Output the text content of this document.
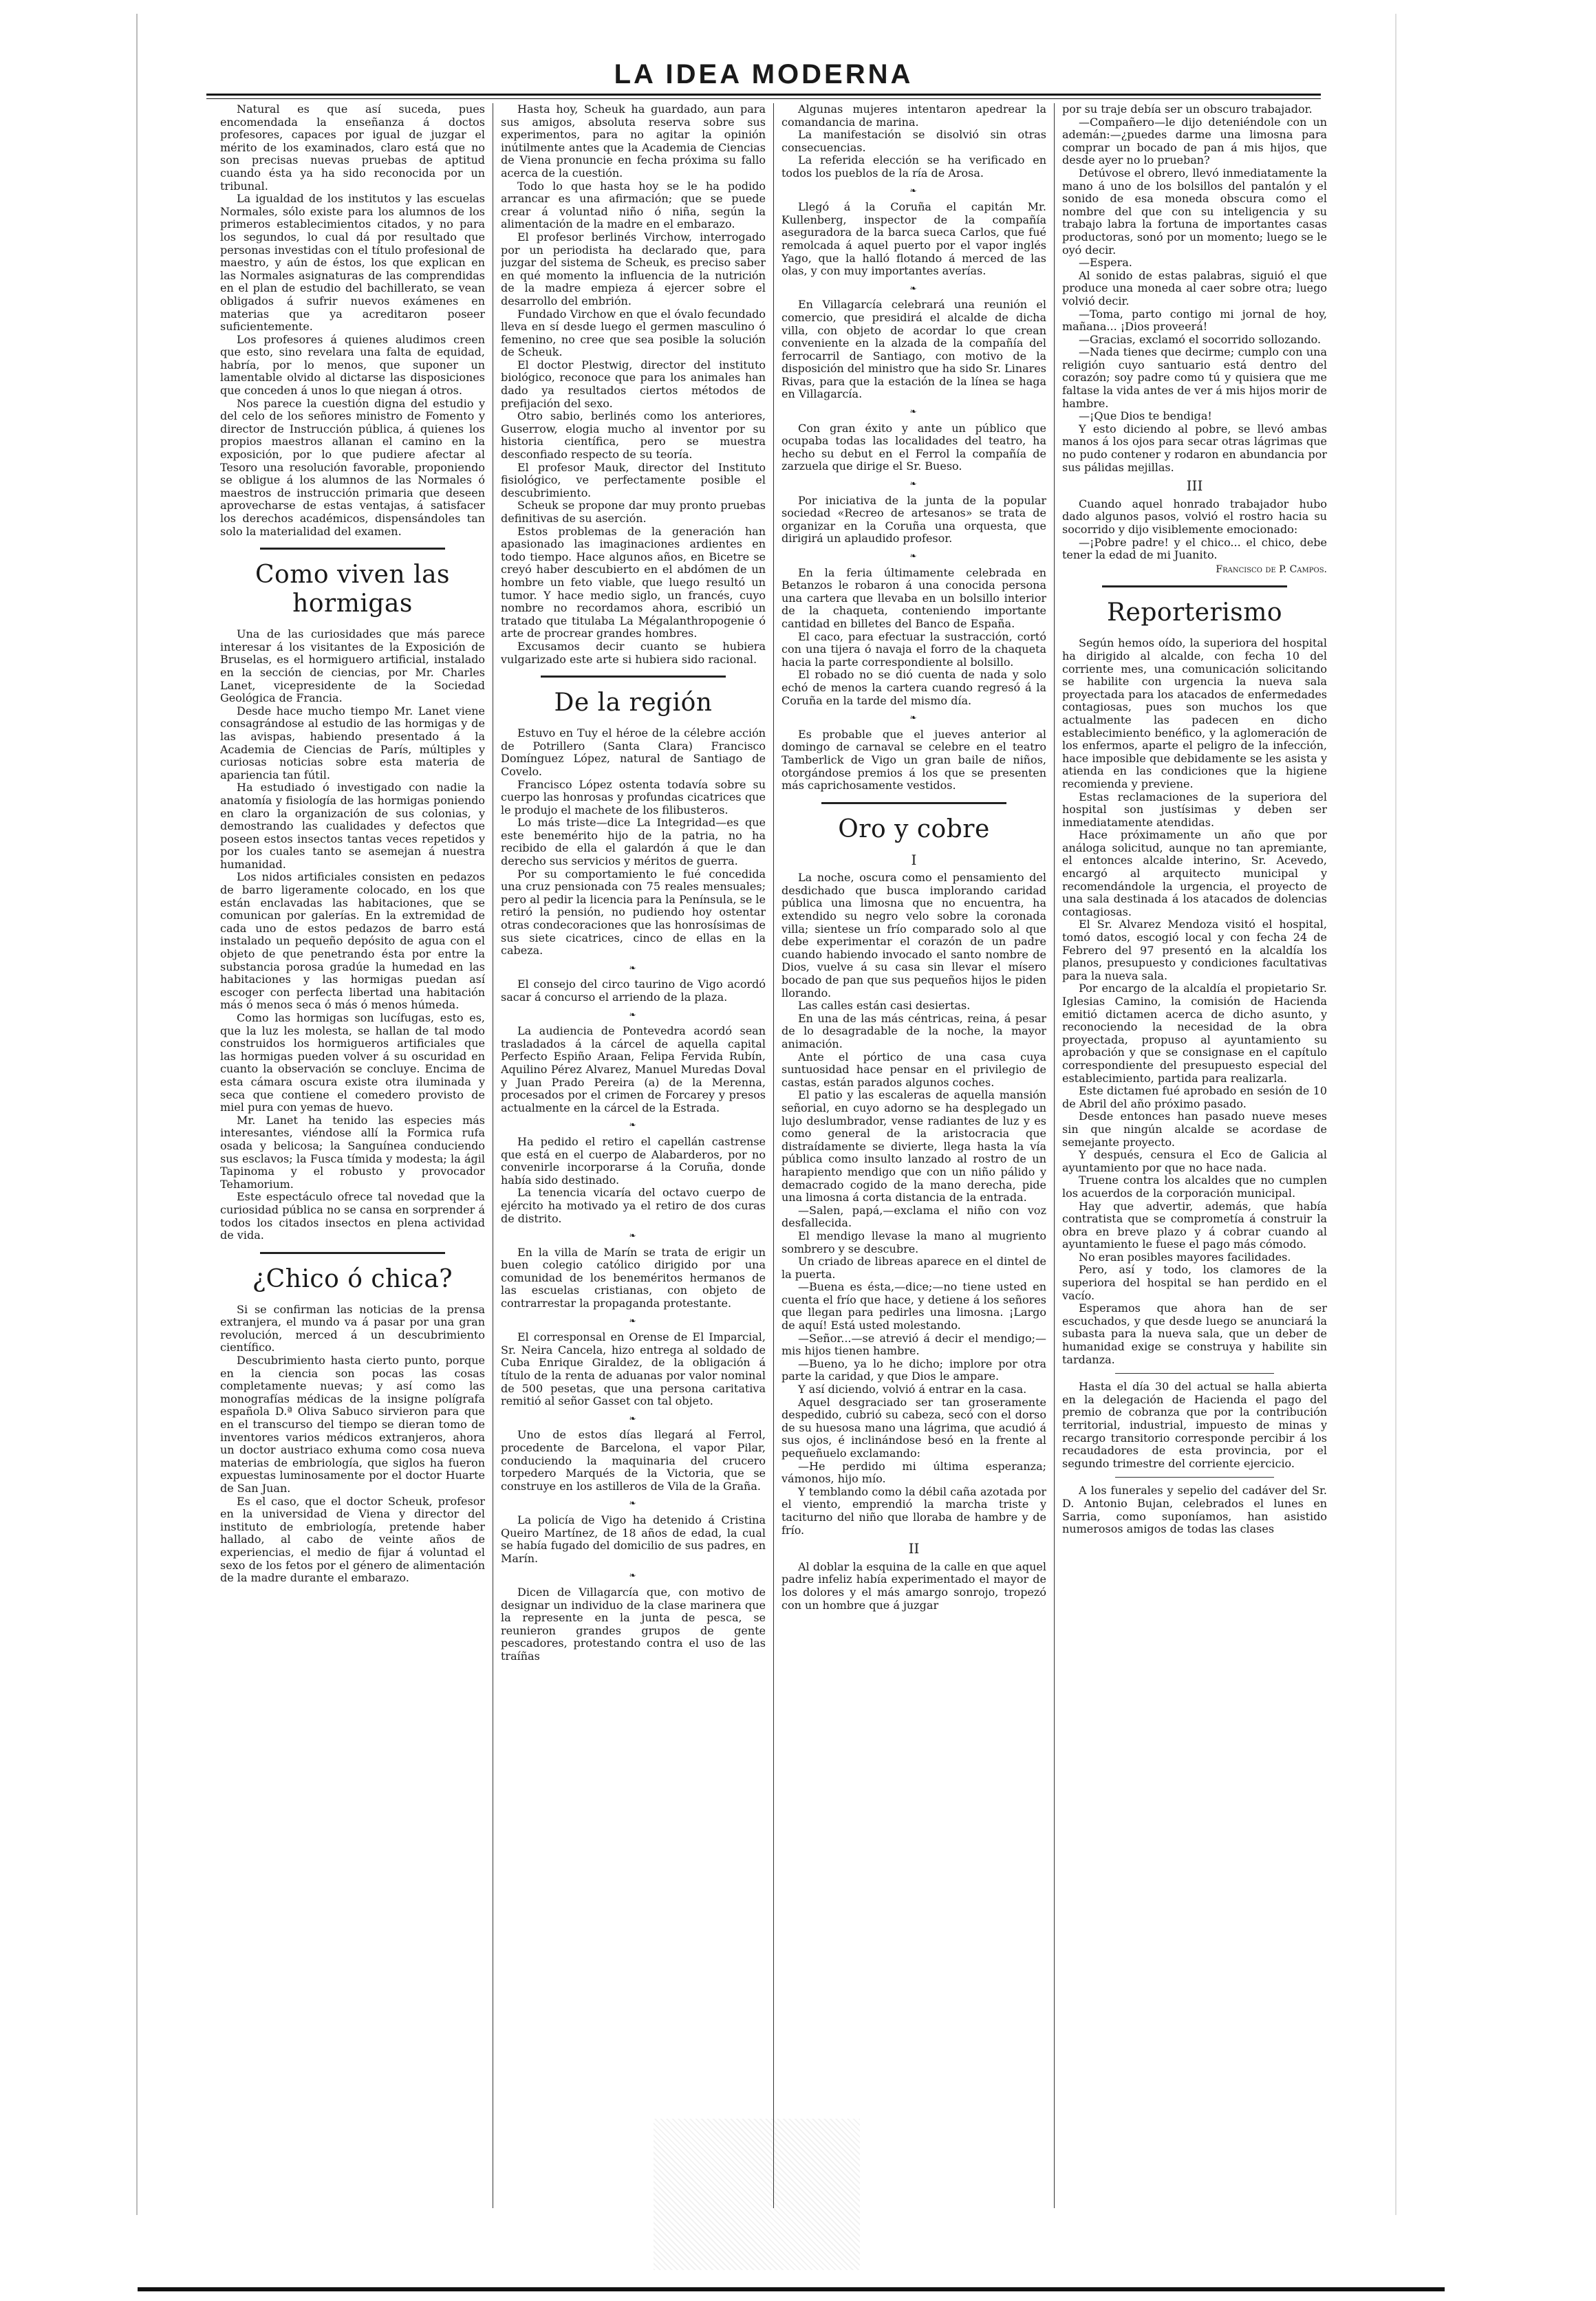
LA IDEA MODERNA

Natural es que así suceda, pues encomendada la enseñanza á doctos profesores, capaces por igual de juzgar el mérito de los examinados, claro está que no son precisas nuevas pruebas de aptitud cuando ésta ya ha sido reconocida por un tribunal.

La igualdad de los institutos y las escuelas Normales, sólo existe para los alumnos de los primeros establecimientos citados, y no para los segundos, lo cual dá por resultado que personas investidas con el título profesional de maestro, y aún de éstos, los que explican en las Normales asignaturas de las comprendidas en el plan de estudio del bachillerato, se vean obligados á sufrir nuevos exámenes en materias que ya acreditaron poseer suficientemente.

Los profesores á quienes aludimos creen que esto, sino revelara una falta de equidad, habría, por lo menos, que suponer un lamentable olvido al dictarse las disposiciones que conceden á unos lo que niegan á otros.

Nos parece la cuestión digna del estudio y del celo de los señores ministro de Fomento y director de Instrucción pública, á quienes los propios maestros allanan el camino en la exposición, por lo que pudiere afectar al Tesoro una resolución favorable, proponiendo se obligue á los alumnos de las Normales ó maestros de instrucción primaria que deseen aprovecharse de estas ventajas, á satisfacer los derechos académicos, dispensándoles tan solo la materialidad del examen.

Como viven las hormigas

Una de las curiosidades que más parece interesar á los visitantes de la Exposición de Bruselas, es el hormiguero artificial, instalado en la sección de ciencias, por Mr. Charles Lanet, vicepresidente de la Sociedad Geológica de Francia.

Desde hace mucho tiempo Mr. Lanet viene consagrándose al estudio de las hormigas y de las avispas, habiendo presentado á la Academia de Ciencias de París, múltiples y curiosas noticias sobre esta materia de apariencia tan fútil.

Ha estudiado ó investigado con nadie la anatomía y fisiología de las hormigas poniendo en claro la organización de sus colonias, y demostrando las cualidades y defectos que poseen estos insectos tantas veces repetidos y por los cuales tanto se asemejan á nuestra humanidad.

Los nidos artificiales consisten en pedazos de barro ligeramente colocado, en los que están enclavadas las habitaciones, que se comunican por galerías. En la extremidad de cada uno de estos pedazos de barro está instalado un pequeño depósito de agua con el objeto de que penetrando ésta por entre la substancia porosa gradúe la humedad en las habitaciones y las hormigas puedan así escoger con perfecta libertad una habitación más ó menos seca ó más ó menos húmeda.

Como las hormigas son lucífugas, esto es, que la luz les molesta, se hallan de tal modo construidos los hormigueros artificiales que las hormigas pueden volver á su oscuridad en cuanto la observación se concluye. Encima de esta cámara oscura existe otra iluminada y seca que contiene el comedero provisto de miel pura con yemas de huevo.

Mr. Lanet ha tenido las especies más interesantes, viéndose allí la Formica rufa osada y belicosa; la Sanguínea conduciendo sus esclavos; la Fusca tímida y modesta; la ágil Tapinoma y el robusto y provocador Tehamorium.

Este espectáculo ofrece tal novedad que la curiosidad pública no se cansa en sorprender á todos los citados insectos en plena actividad de vida.

¿Chico ó chica?

Si se confirman las noticias de la prensa extranjera, el mundo va á pasar por una gran revolución, merced á un descubrimiento científico.

Descubrimiento hasta cierto punto, porque en la ciencia son pocas las cosas completamente nuevas; y así como las monografías médicas de la insigne polígrafa española D.ª Oliva Sabuco sirvieron para que en el transcurso del tiempo se dieran tomo de inventores varios médicos extranjeros, ahora un doctor austriaco exhuma como cosa nueva materias de embriología, que siglos ha fueron expuestas luminosamente por el doctor Huarte de San Juan.

Es el caso, que el doctor Scheuk, profesor en la universidad de Viena y director del instituto de embriología, pretende haber hallado, al cabo de veinte años de experiencias, el medio de fijar á voluntad el sexo de los fetos por el género de alimentación de la madre durante el embarazo.

Hasta hoy, Scheuk ha guardado, aun para sus amigos, absoluta reserva sobre sus experimentos, para no agitar la opinión inútilmente antes que la Academia de Ciencias de Viena pronuncie en fecha próxima su fallo acerca de la cuestión.

Todo lo que hasta hoy se le ha podido arrancar es una afirmación; que se puede crear á voluntad niño ó niña, según la alimentación de la madre en el embarazo.

El profesor berlinés Virchow, interrogado por un periodista ha declarado que, para juzgar del sistema de Scheuk, es preciso saber en qué momento la influencia de la nutrición de la madre empieza á ejercer sobre el desarrollo del embrión.

Fundado Virchow en que el óvalo fecundado lleva en sí desde luego el germen masculino ó femenino, no cree que sea posible la solución de Scheuk.

El doctor Plestwig, director del instituto biológico, reconoce que para los animales han dado ya resultados ciertos métodos de prefijación del sexo.

Otro sabio, berlinés como los anteriores, Guserrow, elogia mucho al inventor por su historia científica, pero se muestra desconfiado respecto de su teoría.

El profesor Mauk, director del Instituto fisiológico, ve perfectamente posible el descubrimiento.

Scheuk se propone dar muy pronto pruebas definitivas de su aserción.

Estos problemas de la generación han apasionado las imaginaciones ardientes en todo tiempo. Hace algunos años, en Bicetre se creyó haber descubierto en el abdómen de un hombre un feto viable, que luego resultó un tumor. Y hace medio siglo, un francés, cuyo nombre no recordamos ahora, escribió un tratado que titulaba La Mégalanthropogenie ó arte de procrear grandes hombres.

Excusamos decir cuanto se hubiera vulgarizado este arte si hubiera sido racional.

De la región

Estuvo en Tuy el héroe de la célebre acción de Potrillero (Santa Clara) Francisco Domínguez López, natural de Santiago de Covelo.

Francisco López ostenta todavía sobre su cuerpo las honrosas y profundas cicatrices que le produjo el machete de los filibusteros.

Lo más triste—dice La Integridad—es que este benemérito hijo de la patria, no ha recibido de ella el galardón á que le dan derecho sus servicios y méritos de guerra.

Por su comportamiento le fué concedida una cruz pensionada con 75 reales mensuales; pero al pedir la licencia para la Península, se le retiró la pensión, no pudiendo hoy ostentar otras condecoraciones que las honrosísimas de sus siete cicatrices, cinco de ellas en la cabeza.

❧

El consejo del circo taurino de Vigo acordó sacar á concurso el arriendo de la plaza.

❧

La audiencia de Pontevedra acordó sean trasladados á la cárcel de aquella capital Perfecto Espiño Araan, Felipa Fervida Rubín, Aquilino Pérez Alvarez, Manuel Muredas Doval y Juan Prado Pereira (a) de la Merenna, procesados por el crimen de Forcarey y presos actualmente en la cárcel de la Estrada.

❧

Ha pedido el retiro el capellán castrense que está en el cuerpo de Alabarderos, por no convenirle incorporarse á la Coruña, donde había sido destinado.

La tenencia vicaría del octavo cuerpo de ejército ha motivado ya el retiro de dos curas de distrito.

❧

En la villa de Marín se trata de erigir un buen colegio católico dirigido por una comunidad de los beneméritos hermanos de las escuelas cristianas, con objeto de contrarrestar la propaganda protestante.

❧

El corresponsal en Orense de El Imparcial, Sr. Neira Cancela, hizo entrega al soldado de Cuba Enrique Giraldez, de la obligación á título de la renta de aduanas por valor nominal de 500 pesetas, que una persona caritativa remitió al señor Gasset con tal objeto.

❧

Uno de estos días llegará al Ferrol, procedente de Barcelona, el vapor Pilar, conduciendo la maquinaria del crucero torpedero Marqués de la Victoria, que se construye en los astilleros de Vila de la Graña.

❧

La policía de Vigo ha detenido á Cristina Queiro Martínez, de 18 años de edad, la cual se había fugado del domicilio de sus padres, en Marín.

❧

Dicen de Villagarcía que, con motivo de designar un individuo de la clase marinera que la represente en la junta de pesca, se reunieron grandes grupos de gente pescadores, protestando contra el uso de las traíñas

Algunas mujeres intentaron apedrear la comandancia de marina.

La manifestación se disolvió sin otras consecuencias.

La referida elección se ha verificado en todos los pueblos de la ría de Arosa.

❧

Llegó á la Coruña el capitán Mr. Kullenberg, inspector de la compañía aseguradora de la barca sueca Carlos, que fué remolcada á aquel puerto por el vapor inglés Yago, que la halló flotando á merced de las olas, y con muy importantes averías.

❧

En Villagarcía celebrará una reunión el comercio, que presidirá el alcalde de dicha villa, con objeto de acordar lo que crean conveniente en la alzada de la compañía del ferrocarril de Santiago, con motivo de la disposición del ministro que ha sido Sr. Linares Rivas, para que la estación de la línea se haga en Villagarcía.

❧

Con gran éxito y ante un público que ocupaba todas las localidades del teatro, ha hecho su debut en el Ferrol la compañía de zarzuela que dirige el Sr. Bueso.

❧

Por iniciativa de la junta de la popular sociedad «Recreo de artesanos» se trata de organizar en la Coruña una orquesta, que dirigirá un aplaudido profesor.

❧

En la feria últimamente celebrada en Betanzos le robaron á una conocida persona una cartera que llevaba en un bolsillo interior de la chaqueta, conteniendo importante cantidad en billetes del Banco de España.

El caco, para efectuar la sustracción, cortó con una tijera ó navaja el forro de la chaqueta hacia la parte correspondiente al bolsillo.

El robado no se dió cuenta de nada y solo echó de menos la cartera cuando regresó á la Coruña en la tarde del mismo día.

❧

Es probable que el jueves anterior al domingo de carnaval se celebre en el teatro Tamberlick de Vigo un gran baile de niños, otorgándose premios á los que se presenten más caprichosamente vestidos.

Oro y cobre
I

La noche, oscura como el pensamiento del desdichado que busca implorando caridad pública una limosna que no encuentra, ha extendido su negro velo sobre la coronada villa; sientese un frío comparado solo al que debe experimentar el corazón de un padre cuando habiendo invocado el santo nombre de Dios, vuelve á su casa sin llevar el mísero bocado de pan que sus pequeños hijos le piden llorando.

Las calles están casi desiertas.

En una de las más céntricas, reina, á pesar de lo desagradable de la noche, la mayor animación.

Ante el pórtico de una casa cuya suntuosidad hace pensar en el privilegio de castas, están parados algunos coches.

El patio y las escaleras de aquella mansión señorial, en cuyo adorno se ha desplegado un lujo deslumbrador, vense radiantes de luz y es como general de la aristocracia que distraídamente se divierte, llega hasta la vía pública como insulto lanzado al rostro de un harapiento mendigo que con un niño pálido y demacrado cogido de la mano derecha, pide una limosna á corta distancia de la entrada.

—Salen, papá,—exclama el niño con voz desfallecida.

El mendigo llevase la mano al mugriento sombrero y se descubre.

Un criado de libreas aparece en el dintel de la puerta.

—Buena es ésta,—dice;—no tiene usted en cuenta el frío que hace, y detiene á los señores que llegan para pedirles una limosna. ¡Largo de aquí! Está usted molestando.

—Señor...—se atrevió á decir el mendigo;—mis hijos tienen hambre.

—Bueno, ya lo he dicho; implore por otra parte la caridad, y que Dios le ampare.

Y así diciendo, volvió á entrar en la casa.

Aquel desgraciado ser tan groseramente despedido, cubrió su cabeza, secó con el dorso de su huesosa mano una lágrima, que acudió á sus ojos, é inclinándose besó en la frente al pequeñuelo exclamando:

—He perdido mi última esperanza; vámonos, hijo mío.

Y temblando como la débil caña azotada por el viento, emprendió la marcha triste y taciturno del niño que lloraba de hambre y de frío.

II

Al doblar la esquina de la calle en que aquel padre infeliz había experimentado el mayor de los dolores y el más amargo sonrojo, tropezó con un hombre que á juzgar

por su traje debía ser un obscuro trabajador.

—Compañero—le dijo deteniéndole con un ademán:—¿puedes darme una limosna para comprar un bocado de pan á mis hijos, que desde ayer no lo prueban?

Detúvose el obrero, llevó inmediatamente la mano á uno de los bolsillos del pantalón y el sonido de esa moneda obscura como el nombre del que con su inteligencia y su trabajo labra la fortuna de importantes casas productoras, sonó por un momento; luego se le oyó decir.

—Espera.

Al sonido de estas palabras, siguió el que produce una moneda al caer sobre otra; luego volvió decir.

—Toma, parto contigo mi jornal de hoy, mañana... ¡Dios proveerá!

—Gracias, exclamó el socorrido sollozando.

—Nada tienes que decirme; cumplo con una religión cuyo santuario está dentro del corazón; soy padre como tú y quisiera que me faltase la vida antes de ver á mis hijos morir de hambre.

—¡Que Dios te bendiga!

Y esto diciendo al pobre, se llevó ambas manos á los ojos para secar otras lágrimas que no pudo contener y rodaron en abundancia por sus pálidas mejillas.

III

Cuando aquel honrado trabajador hubo dado algunos pasos, volvió el rostro hacia su socorrido y dijo visiblemente emocionado:

—¡Pobre padre! y el chico... el chico, debe tener la edad de mi Juanito.

Francisco de P. Campos.
Reporterismo

Según hemos oído, la superiora del hospital ha dirigido al alcalde, con fecha 10 del corriente mes, una comunicación solicitando se habilite con urgencia la nueva sala proyectada para los atacados de enfermedades contagiosas, pues son muchos los que actualmente las padecen en dicho establecimiento benéfico, y la aglomeración de los enfermos, aparte el peligro de la infección, hace imposible que debidamente se les asista y atienda en las condiciones que la higiene recomienda y previene.

Estas reclamaciones de la superiora del hospital son justísimas y deben ser inmediatamente atendidas.

Hace próximamente un año que por análoga solicitud, aunque no tan apremiante, el entonces alcalde interino, Sr. Acevedo, encargó al arquitecto municipal y recomendándole la urgencia, el proyecto de una sala destinada á los atacados de dolencias contagiosas.

El Sr. Alvarez Mendoza visitó el hospital, tomó datos, escogió local y con fecha 24 de Febrero del 97 presentó en la alcaldía los planos, presupuesto y condiciones facultativas para la nueva sala.

Por encargo de la alcaldía el propietario Sr. Iglesias Camino, la comisión de Hacienda emitió dictamen acerca de dicho asunto, y reconociendo la necesidad de la obra proyectada, propuso al ayuntamiento su aprobación y que se consignase en el capítulo correspondiente del presupuesto especial del establecimiento, partida para realizarla.

Este dictamen fué aprobado en sesión de 10 de Abril del año próximo pasado.

Desde entonces han pasado nueve meses sin que ningún alcalde se acordase de semejante proyecto.

Y después, censura el Eco de Galicia al ayuntamiento por que no hace nada.

Truene contra los alcaldes que no cumplen los acuerdos de la corporación municipal.

Hay que advertir, además, que había contratista que se comprometía á construir la obra en breve plazo y á cobrar cuando al ayuntamiento le fuese el pago más cómodo.

No eran posibles mayores facilidades.

Pero, así y todo, los clamores de la superiora del hospital se han perdido en el vacío.

Esperamos que ahora han de ser escuchados, y que desde luego se anunciará la subasta para la nueva sala, que un deber de humanidad exige se construya y habilite sin tardanza.

Hasta el día 30 del actual se halla abierta en la delegación de Hacienda el pago del premio de cobranza que por la contribución territorial, industrial, impuesto de minas y recargo transitorio corresponde percibir á los recaudadores de esta provincia, por el segundo trimestre del corriente ejercicio.

A los funerales y sepelio del cadáver del Sr. D. Antonio Bujan, celebrados el lunes en Sarria, como suponíamos, han asistido numerosos amigos de todas las clases
